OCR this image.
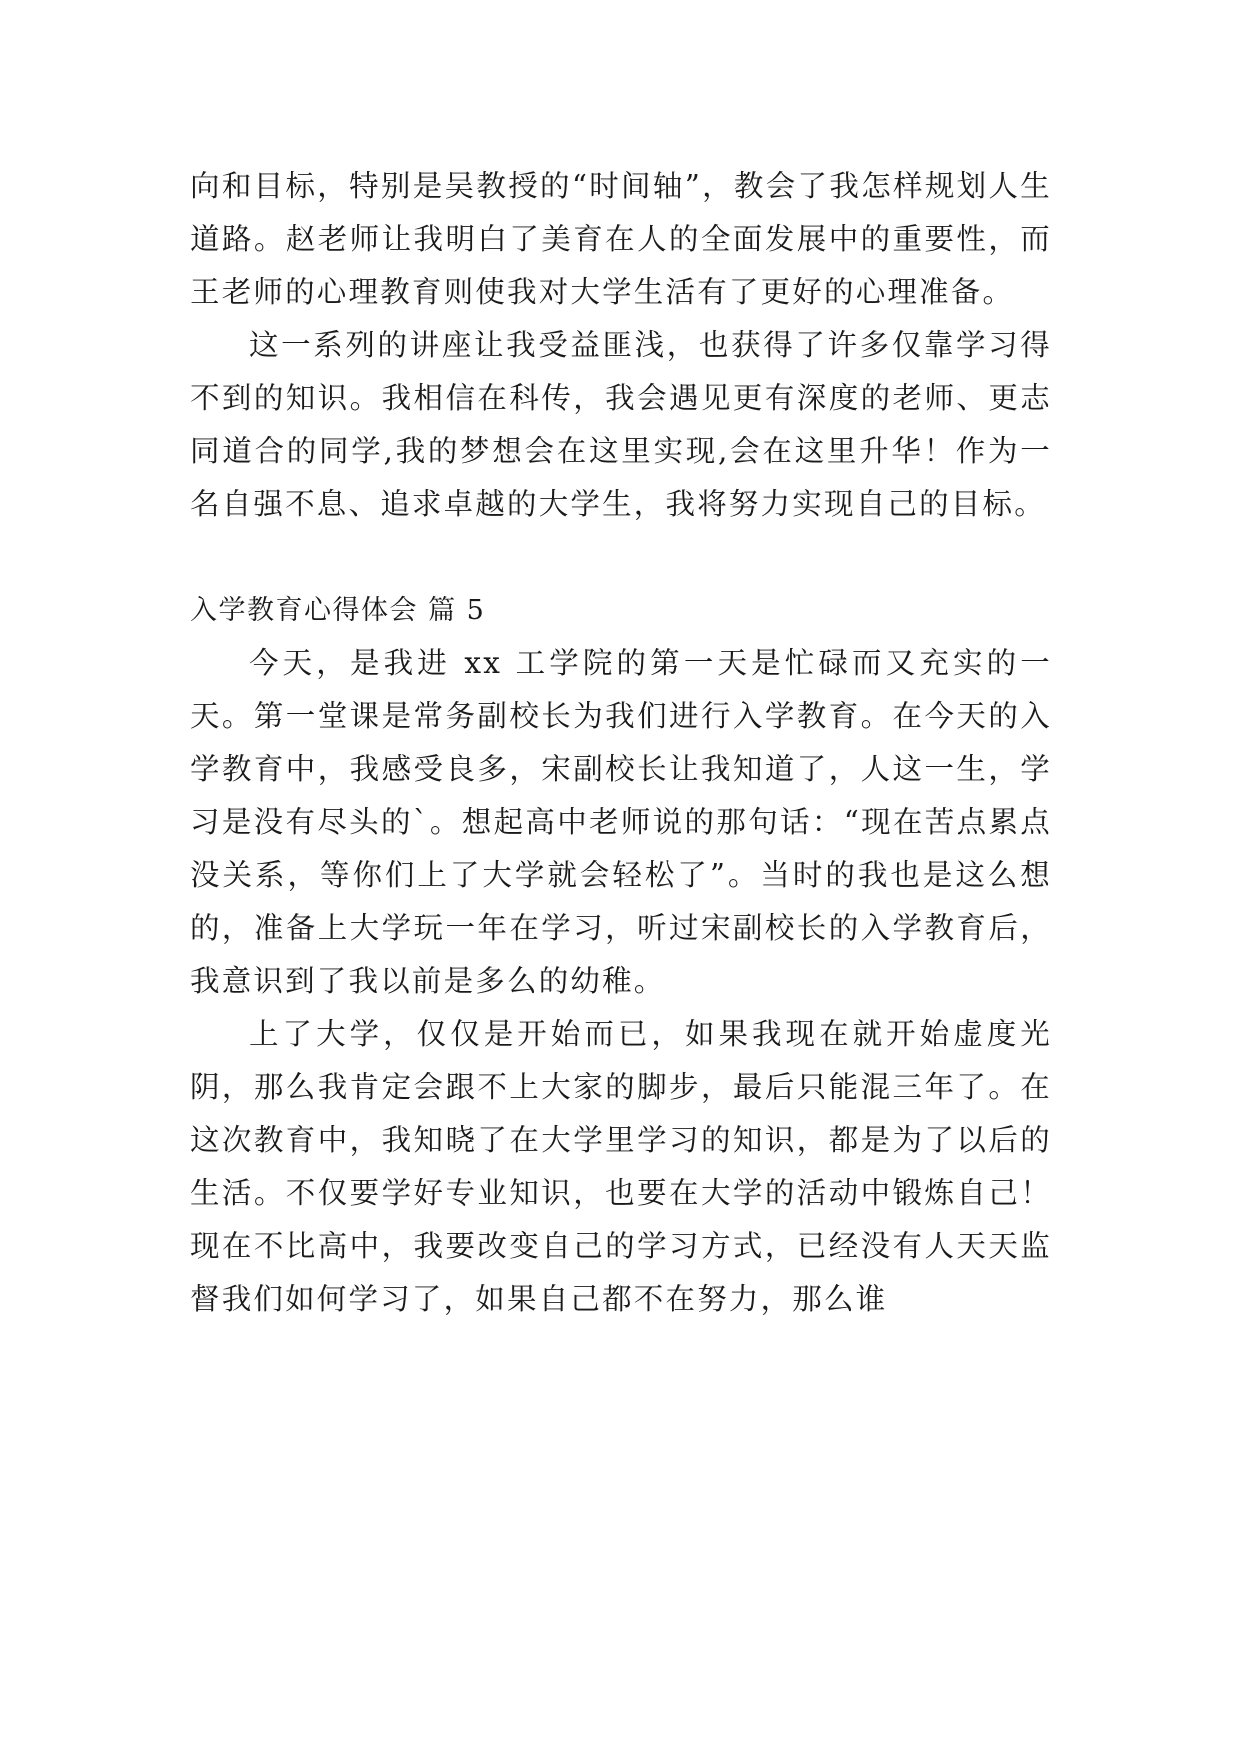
向和目标，特别是吴教授的“时间轴”，教会了我怎样规划人生道路。赵老师让我明白了美育在人的全面发展中的重要性，而王老师的心理教育则使我对大学生活有了更好的心理准备。

这一系列的讲座让我受益匪浅，也获得了许多仅靠学习得不到的知识。我相信在科传，我会遇见更有深度的老师、更志同道合的同学,我的梦想会在这里实现,会在这里升华！作为一名自强不息、追求卓越的大学生，我将努力实现自己的目标。

入学教育心得体会 篇 5

今天，是我进 xx 工学院的第一天是忙碌而又充实的一天。第一堂课是常务副校长为我们进行入学教育。在今天的入学教育中，我感受良多，宋副校长让我知道了，人这一生，学习是没有尽头的`。想起高中老师说的那句话：“现在苦点累点没关系，等你们上了大学就会轻松了”。当时的我也是这么想的，准备上大学玩一年在学习，听过宋副校长的入学教育后，我意识到了我以前是多么的幼稚。

上了大学，仅仅是开始而已，如果我现在就开始虚度光阴，那么我肯定会跟不上大家的脚步，最后只能混三年了。在这次教育中，我知晓了在大学里学习的知识，都是为了以后的生活。不仅要学好专业知识，也要在大学的活动中锻炼自己！现在不比高中，我要改变自己的学习方式，已经没有人天天监督我们如何学习了，如果自己都不在努力，那么谁
